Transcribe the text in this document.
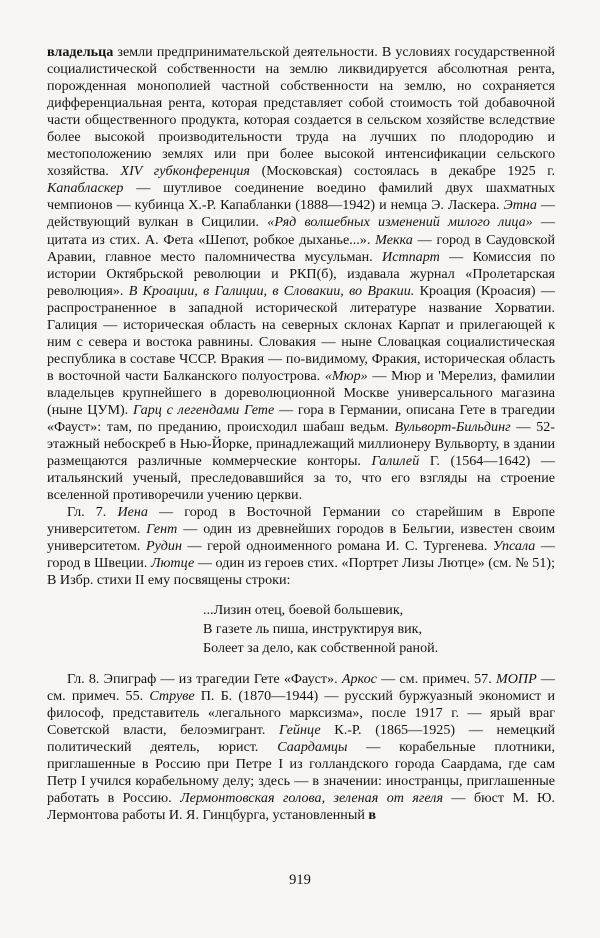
владельца земли предпринимательской деятельности. В условиях государственной социалистической собственности на землю ликвидируется абсолютная рента, порожденная монополией частной собственности на землю, но сохраняется дифференциальная рента, которая представляет собой стоимость той добавочной части общественного продукта, которая создается в сельском хозяйстве вследствие более высокой производительности труда на лучших по плодородию и местоположению землях или при более высокой интенсификации сельского хозяйства. XIV губконференция (Московская) состоялась в декабре 1925 г. Капабласкер — шутливое соединение воедино фамилий двух шахматных чемпионов — кубинца Х.-Р. Капабланки (1888—1942) и немца Э. Ласкера. Этна — действующий вулкан в Сицилии. «Ряд волшебных изменений милого лица» — цитата из стих. А. Фета «Шепот, робкое дыханье...». Мекка — город в Саудовской Аравии, главное место паломничества мусульман. Истпарт — Комиссия по истории Октябрьской революции и РКП(б), издавала журнал «Пролетарская революция». В Кроации, в Галиции, в Словакии, во Вракии. Кроация (Кроасия) — распространенное в западной исторической литературе название Хорватии. Галиция — историческая область на северных склонах Карпат и прилегающей к ним с севера и востока равнины. Словакия — ныне Словацкая социалистическая республика в составе ЧССР. Вракия — по-видимому, Фракия, историческая область в восточной части Балканского полуострова. «Мюр» — Мюр и 'Мерелиз, фамилии владельцев крупнейшего в дореволюционной Москве универсального магазина (ныне ЦУМ). Гарц с легендами Гете — гора в Германии, описана Гете в трагедии «Фауст»: там, по преданию, происходил шабаш ведьм. Вульворт-Бильдинг — 52-этажный небоскреб в Нью-Йорке, принадлежащий миллионеру Вульворту, в здании размещаются различные коммерческие конторы. Галилей Г. (1564—1642) — итальянский ученый, преследовавшийся за то, что его взгляды на строение вселенной противоречили учению церкви.

Гл. 7. Иена — город в Восточной Германии со старейшим в Европе университетом. Гент — один из древнейших городов в Бельгии, известен своим университетом. Рудин — герой одноименного романа И. С. Тургенева. Упсала — город в Швеции. Лютце — один из героев стих. «Портрет Лизы Лютце» (см. № 51); В Избр. стихи II ему посвящены строки:

...Лизин отец, боевой большевик,
В газете ль пиша, инструктируя вик,
Болеет за дело, как собственной раной.

Гл. 8. Эпиграф — из трагедии Гете «Фауст». Аркос — см. примеч. 57. МОПР — см. примеч. 55. Струве П. Б. (1870—1944) — русский буржуазный экономист и философ, представитель «легального марксизма», после 1917 г. — ярый враг Советской власти, белоэмигрант. Гейнце К.-Р. (1865—1925) — немецкий политический деятель, юрист. Саардамцы — корабельные плотники, приглашенные в Россию при Петре I из голландского города Саардама, где сам Петр I учился корабельному делу; здесь — в значении: иностранцы, приглашенные работать в Россию. Лермонтовская голова, зеленая от ягеля — бюст М. Ю. Лермонтова работы И. Я. Гинцбурга, установленный в

919
